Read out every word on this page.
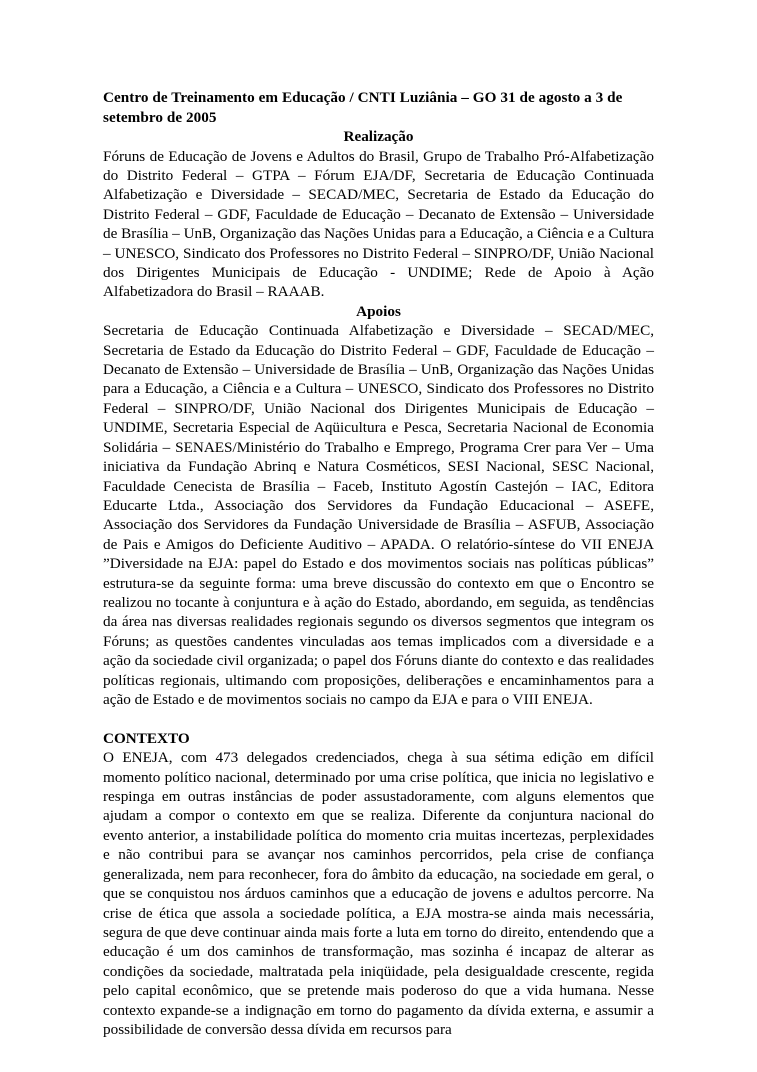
Centro de Treinamento em Educação / CNTI Luziânia – GO 31 de agosto a 3 de setembro de 2005
Realização

Fóruns de Educação de Jovens e Adultos do Brasil, Grupo de Trabalho Pró-Alfabetização do Distrito Federal – GTPA – Fórum EJA/DF, Secretaria de Educação Continuada Alfabetização e Diversidade – SECAD/MEC, Secretaria de Estado da Educação do Distrito Federal – GDF, Faculdade de Educação – Decanato de Extensão – Universidade de Brasília – UnB, Organização das Nações Unidas para a Educação, a Ciência e a Cultura – UNESCO, Sindicato dos Professores no Distrito Federal – SINPRO/DF, União Nacional dos Dirigentes Municipais de Educação - UNDIME; Rede de Apoio à Ação Alfabetizadora do Brasil – RAAAB.

Apoios

Secretaria de Educação Continuada Alfabetização e Diversidade – SECAD/MEC, Secretaria de Estado da Educação do Distrito Federal – GDF, Faculdade de Educação – Decanato de Extensão – Universidade de Brasília – UnB, Organização das Nações Unidas para a Educação, a Ciência e a Cultura – UNESCO, Sindicato dos Professores no Distrito Federal – SINPRO/DF, União Nacional dos Dirigentes Municipais de Educação – UNDIME, Secretaria Especial de Aqüicultura e Pesca, Secretaria Nacional de Economia Solidária – SENAES/Ministério do Trabalho e Emprego, Programa Crer para Ver – Uma iniciativa da Fundação Abrinq e Natura Cosméticos, SESI Nacional, SESC Nacional, Faculdade Cenecista de Brasília – Faceb, Instituto Agostín Castejón – IAC, Editora Educarte Ltda., Associação dos Servidores da Fundação Educacional – ASEFE, Associação dos Servidores da Fundação Universidade de Brasília – ASFUB, Associação de Pais e Amigos do Deficiente Auditivo – APADA. O relatório-síntese do VII ENEJA ”Diversidade na EJA: papel do Estado e dos movimentos sociais nas políticas públicas” estrutura-se da seguinte forma: uma breve discussão do contexto em que o Encontro se realizou no tocante à conjuntura e à ação do Estado, abordando, em seguida, as tendências da área nas diversas realidades regionais segundo os diversos segmentos que integram os Fóruns; as questões candentes vinculadas aos temas implicados com a diversidade e a ação da sociedade civil organizada; o papel dos Fóruns diante do contexto e das realidades políticas regionais, ultimando com proposições, deliberações e encaminhamentos para a ação de Estado e de movimentos sociais no campo da EJA e para o VIII ENEJA.

CONTEXTO

O ENEJA, com 473 delegados credenciados, chega à sua sétima edição em difícil momento político nacional, determinado por uma crise política, que inicia no legislativo e respinga em outras instâncias de poder assustadoramente, com alguns elementos que ajudam a compor o contexto em que se realiza. Diferente da conjuntura nacional do evento anterior, a instabilidade política do momento cria muitas incertezas, perplexidades e não contribui para se avançar nos caminhos percorridos, pela crise de confiança generalizada, nem para reconhecer, fora do âmbito da educação, na sociedade em geral, o que se conquistou nos árduos caminhos que a educação de jovens e adultos percorre. Na crise de ética que assola a sociedade política, a EJA mostra-se ainda mais necessária, segura de que deve continuar ainda mais forte a luta em torno do direito, entendendo que a educação é um dos caminhos de transformação, mas sozinha é incapaz de alterar as condições da sociedade, maltratada pela iniqüidade, pela desigualdade crescente, regida pelo capital econômico, que se pretende mais poderoso do que a vida humana. Nesse contexto expande-se a indignação em torno do pagamento da dívida externa, e assumir a possibilidade de conversão dessa dívida em recursos para
